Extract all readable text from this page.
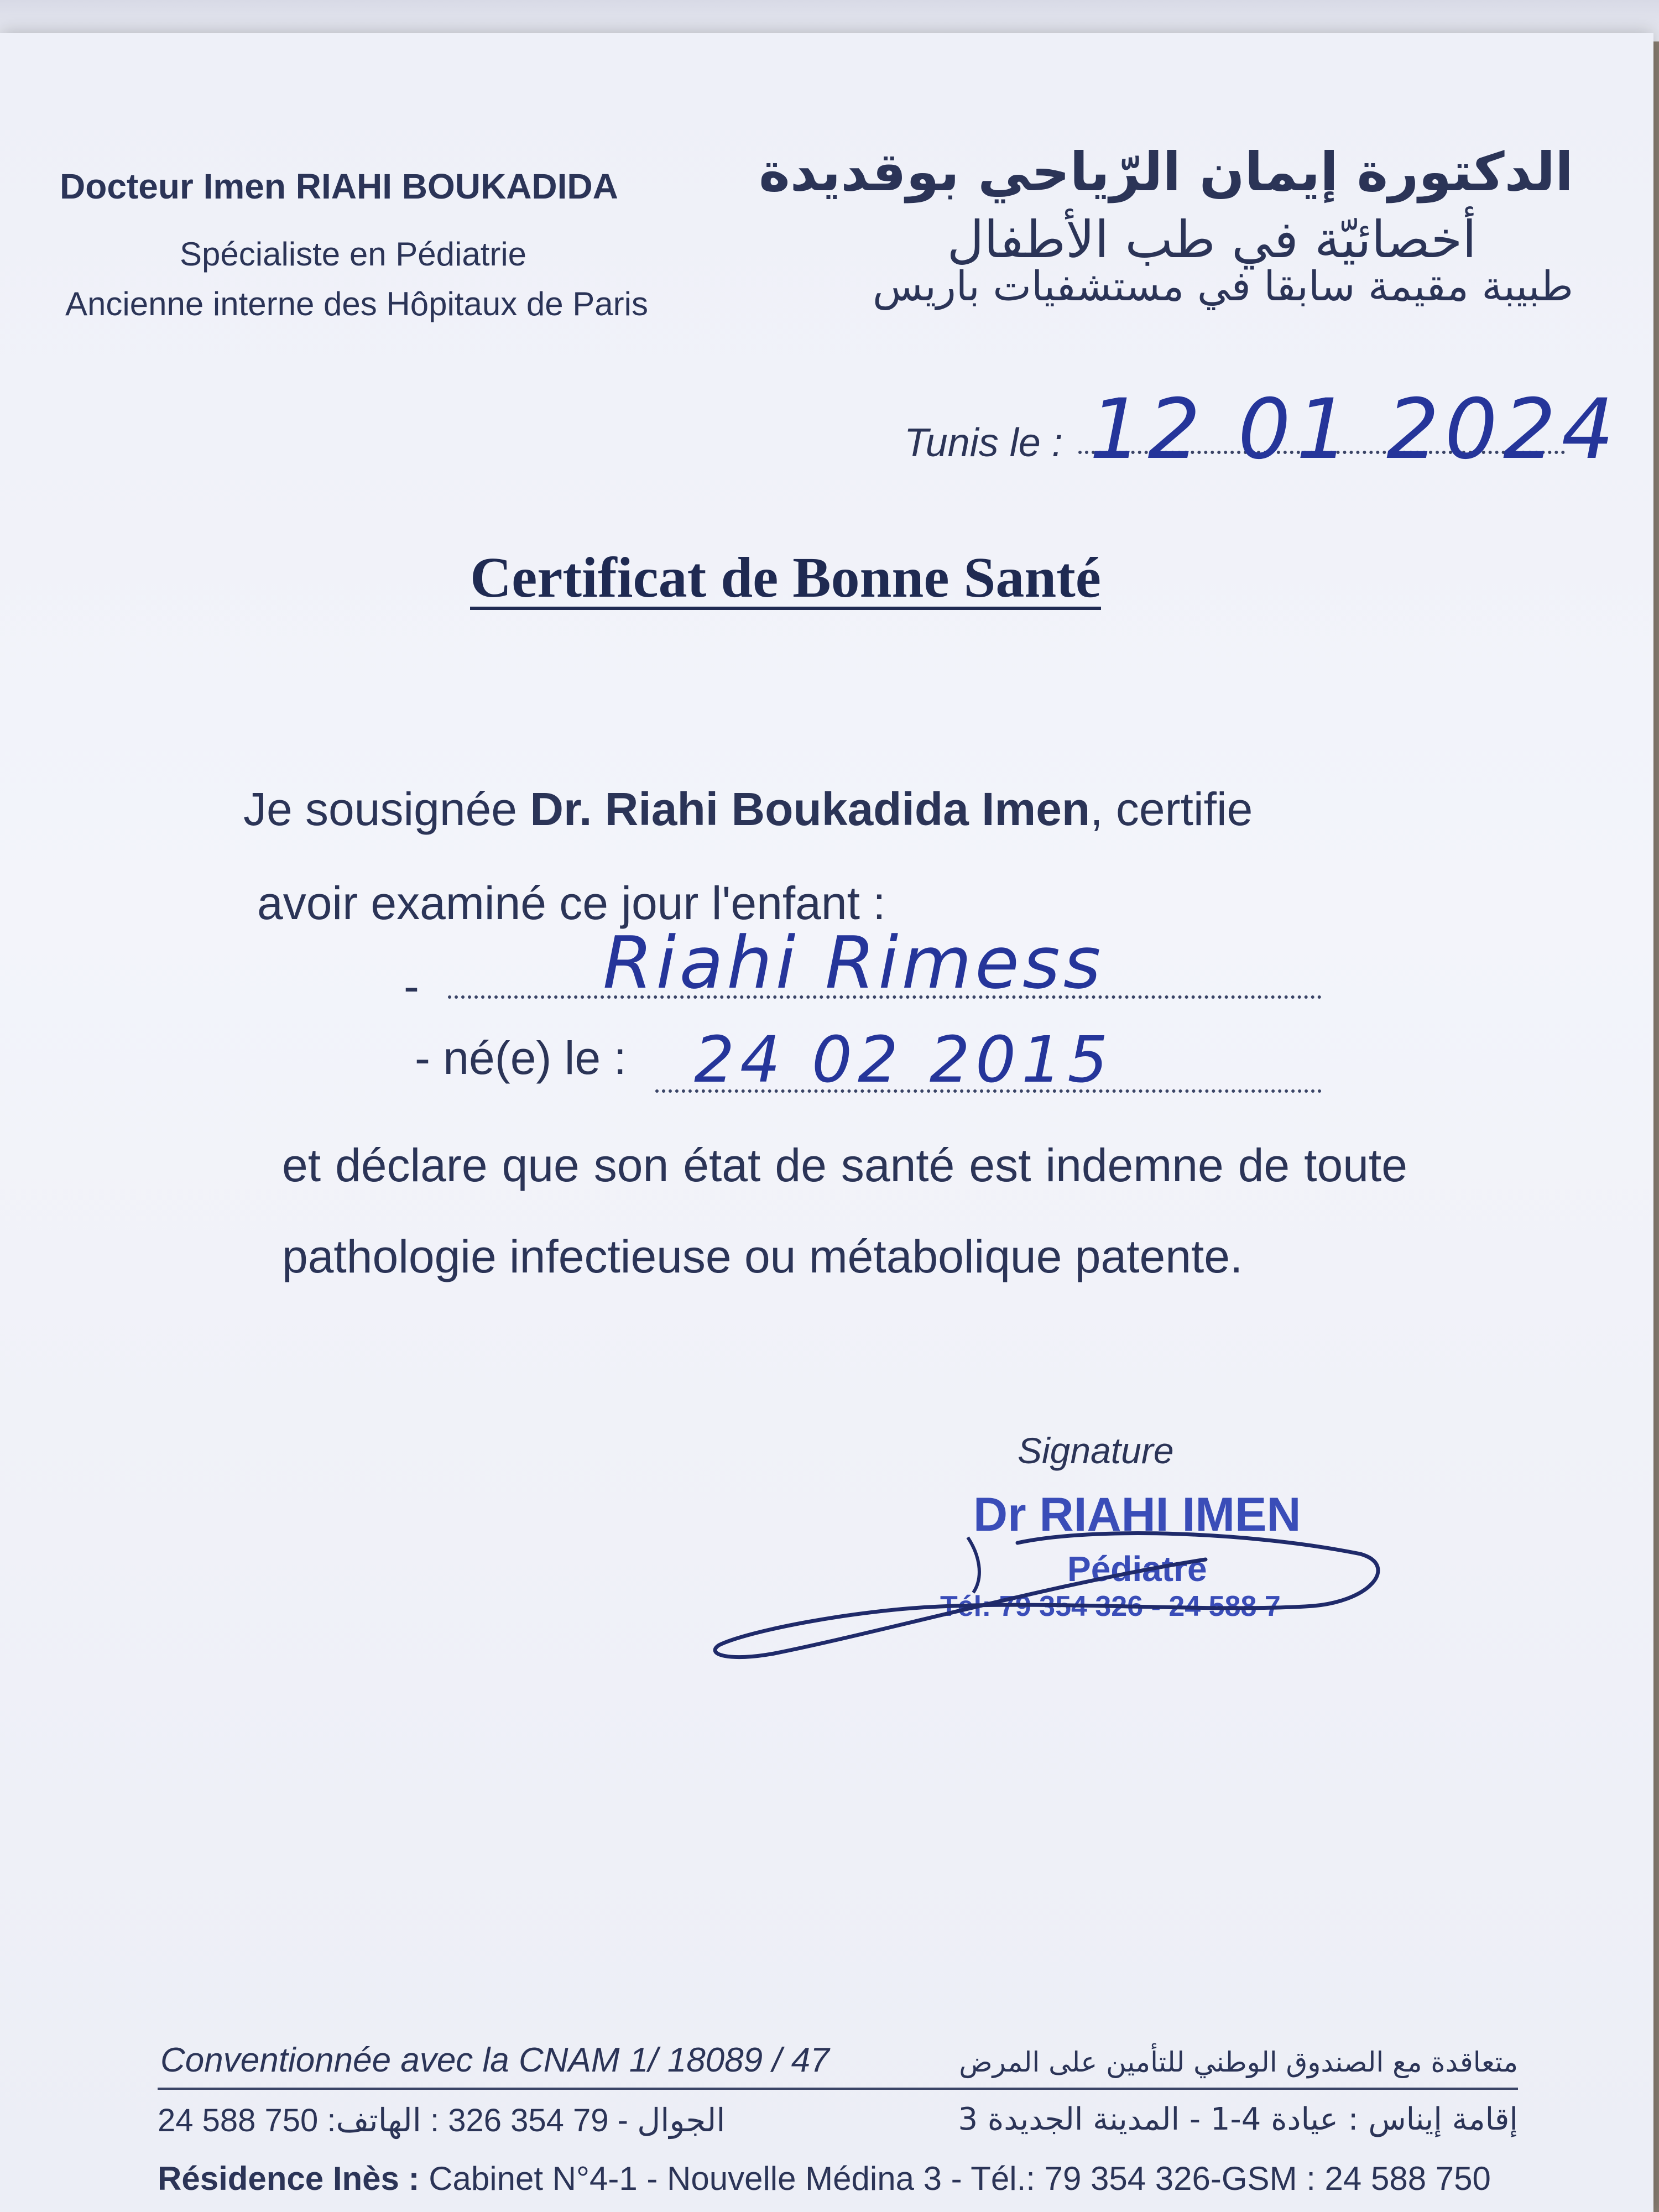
Docteur Imen RIAHI BOUKADIDA
Spécialiste en Pédiatrie
Ancienne interne des Hôpitaux de Paris
الدكتورة إيمان الرّياحي بوقديدة
أخصائيّة في طب الأطفال
طبيبة مقيمة سابقا في مستشفيات باريس
Tunis le : 12 01 2024
Certificat de Bonne Santé
Je sousignée Dr. Riahi Boukadida Imen, certifie
avoir examiné ce jour l'enfant :
-	Riahi Rimess
- né(e) le : 24 02 2015
et déclare que son état de santé est indemne de toute pathologie infectieuse ou métabolique patente.
Signature
Dr RIAHI IMEN
Pédiatre
Tél: 79 354 326 - 24 588 7
Conventionnée avec la CNAM 1/ 18089 / 47	متعاقدة مع الصندوق الوطني للتأمين على المرض
24 588 750 :الجوال - 79 354 326 : الهاتف	إقامة إيناس : عيادة 4-1 - المدينة الجديدة 3
Résidence Inès : Cabinet N°4-1 - Nouvelle Médina 3 - Tél.: 79 354 326-GSM : 24 588 750
